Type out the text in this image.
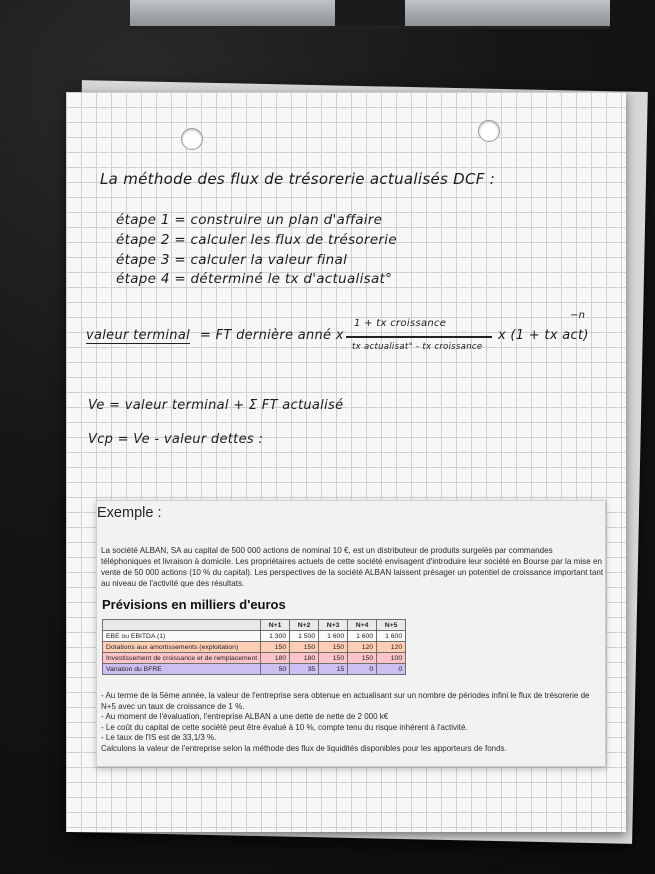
La méthode des flux de trésorerie actualisés DCF :

étape 1 = construire un plan d'affaire

étape 2 = calculer les flux de trésorerie

étape 3 = calculer la valeur final

étape 4 = déterminé le tx d'actualisat°

valeur terminal = FT dernière anné x

1 + tx croissance

tx actualisat° - tx croissance

x (1 + tx act)

−n

Ve = valeur terminal + Σ FT actualisé

Vcp = Ve - valeur dettes :

Exemple :

La société ALBAN, SA au capital de 500 000 actions de nominal 10 €, est un distributeur de produits surgelés par commandes téléphoniques et livraison à domicile. Les propriétaires actuels de cette société envisagent d'introduire leur société en Bourse par la mise en vente de 50 000 actions (10 % du capital). Les perspectives de la société ALBAN laissent présager un potentiel de croissance important tant au niveau de l'activité que des résultats.

Prévisions en milliers d'euros
	N+1	N+2	N+3	N+4	N+5
EBE ou EBITDA (1)	1 300	1 500	1 600	1 600	1 600
Dotations aux amortissements (exploitation)	150	150	150	120	120
Investissement de croissance et de remplacement	180	180	150	150	100
Variation du BFRE	50	35	15	0	0
- Au terme de la 5ème année, la valeur de l'entreprise sera obtenue en actualisant sur un nombre de périodes infini le flux de trésorerie de N+5 avec un taux de croissance de 1 %.
- Au moment de l'évaluation, l'entreprise ALBAN a une dette de nette de 2 000 k€
- Le coût du capital de cette société peut être évalué à 10 %, compte tenu du risque inhérent à l'activité.
- Le taux de l'IS est de 33,1/3 %.
Calculons la valeur de l'entreprise selon la méthode des flux de liquidités disponibles pour les apporteurs de fonds.
